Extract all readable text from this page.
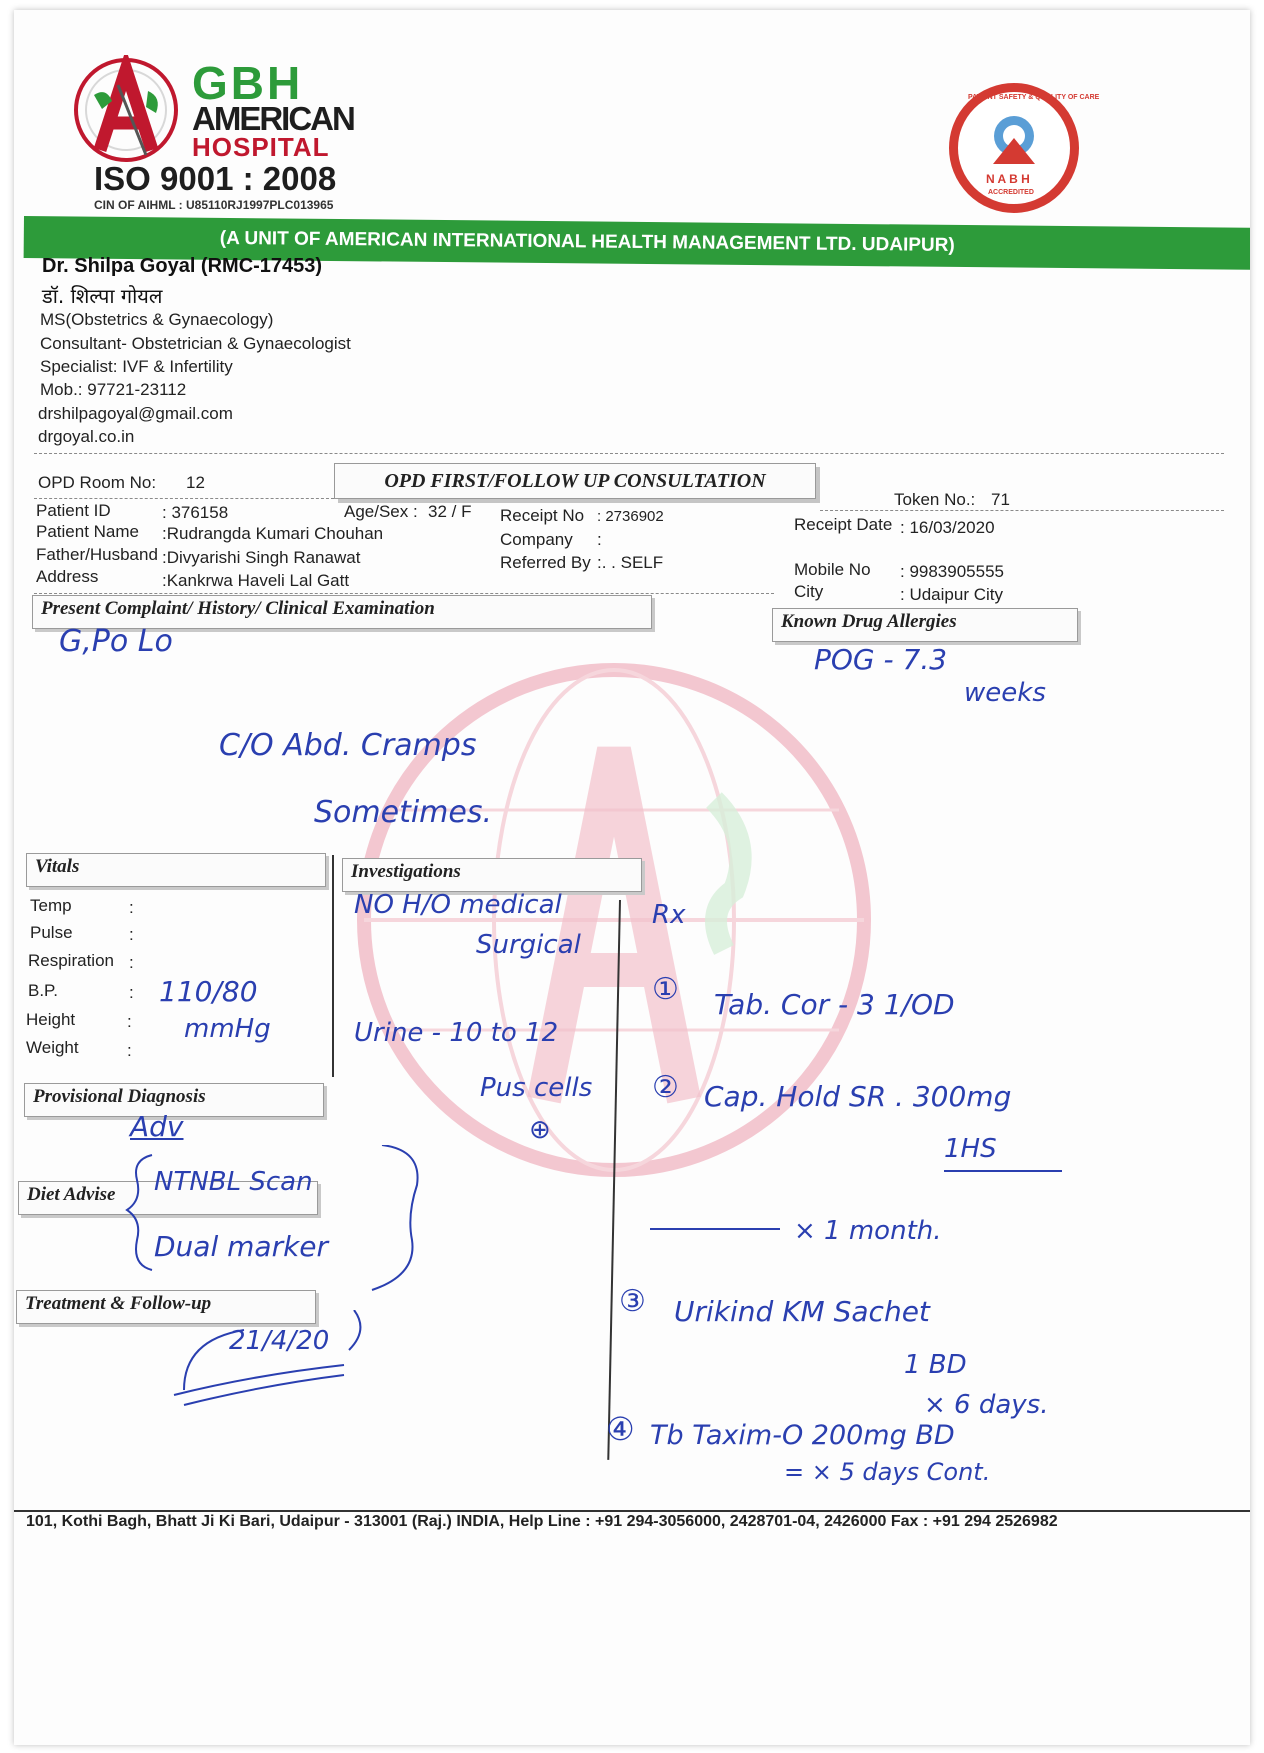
GBH
AMERICAN
HOSPITAL
ISO 9001 : 2008
CIN OF AIHML : U85110RJ1997PLC013965
PATIENT SAFETY & QUALITY OF CARE
N A B H
ACCREDITED
(A UNIT OF AMERICAN INTERNATIONAL HEALTH MANAGEMENT LTD. UDAIPUR)
Dr. Shilpa Goyal (RMC-17453)
डॉ. शिल्पा गोयल
MS(Obstetrics & Gynaecology)
Consultant- Obstetrician & Gynaecologist
Specialist: IVF & Infertility
Mob.: 97721-23112
drshilpagoyal@gmail.com
drgoyal.co.in
OPD Room No: 12	OPD FIRST/FOLLOW UP CONSULTATION
Token No.: 71
Patient ID	: 376158
Patient Name :Rudrangda Kumari Chouhan
Father/Husband :Divyarishi Singh Ranawat
Address	:Kankrwa Haveli Lal Gatt
Age/Sex : 32 / F Receipt No : 2736902
Company :
Referred By :. . SELF
Receipt Date : 16/03/2020
Mobile No : 9983905555
City	: Udaipur City
Present Complaint/ History/ Clinical Examination
Known Drug Allergies
Vitals	Investigations
Provisional Diagnosis
Diet Advise
Treatment & Follow-up
Temp	:
Pulse	:
Respiration :
B.P.	:
Height	:
Weight	:
G,Po Lo
C/O Abd. Cramps
Sometimes.
POG - 7.3
weeks
110/80
mmHg
NO H/O medical
Surgical
Urine - 10 to 12
Pus cells
⊕
Adv
NTNBL Scan
Dual marker
21/4/20
Rx
① Tab. Cor - 3 1/OD
② Cap. Hold SR . 300mg
1HS
× 1 month.
③ Urikind KM Sachet
1 BD
× 6 days.
④ Tb Taxim-O 200mg BD
= × 5 days Cont.
101, Kothi Bagh, Bhatt Ji Ki Bari, Udaipur - 313001 (Raj.) INDIA, Help Line : +91 294-3056000, 2428701-04, 2426000 Fax : +91 294 2526982
